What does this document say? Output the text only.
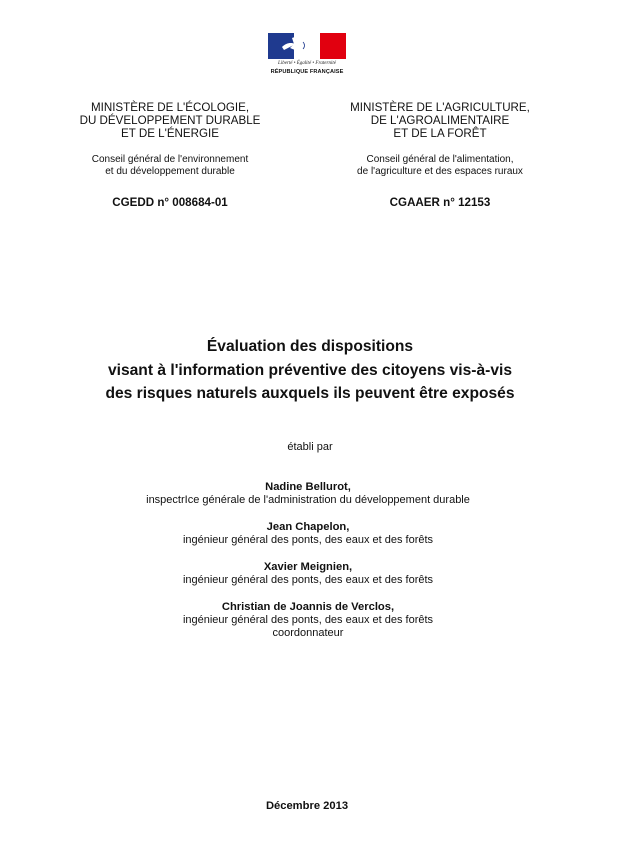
Liberté • Égalité • Fraternité
RÉPUBLIQUE FRANÇAISE
MINISTÈRE DE L'ÉCOLOGIE,
DU DÉVELOPPEMENT DURABLE
ET DE L'ÉNERGIE
Conseil général de l'environnement
et du développement durable
CGEDD n° 008684-01
MINISTÈRE DE L'AGRICULTURE,
DE L'AGROALIMENTAIRE
ET DE LA FORÊT
Conseil général de l'alimentation,
de l'agriculture et des espaces ruraux
CGAAER n° 12153
Évaluation des dispositions
visant à l'information préventive des citoyens vis-à-vis
des risques naturels auxquels ils peuvent être exposés
établi par
Nadine Bellurot,
inspectrIce générale de l'administration du développement durable
Jean Chapelon,
ingénieur général des ponts, des eaux et des forêts
Xavier Meignien,
ingénieur général des ponts, des eaux et des forêts
Christian de Joannis de Verclos,
ingénieur général des ponts, des eaux et des forêts
coordonnateur
Décembre 2013
